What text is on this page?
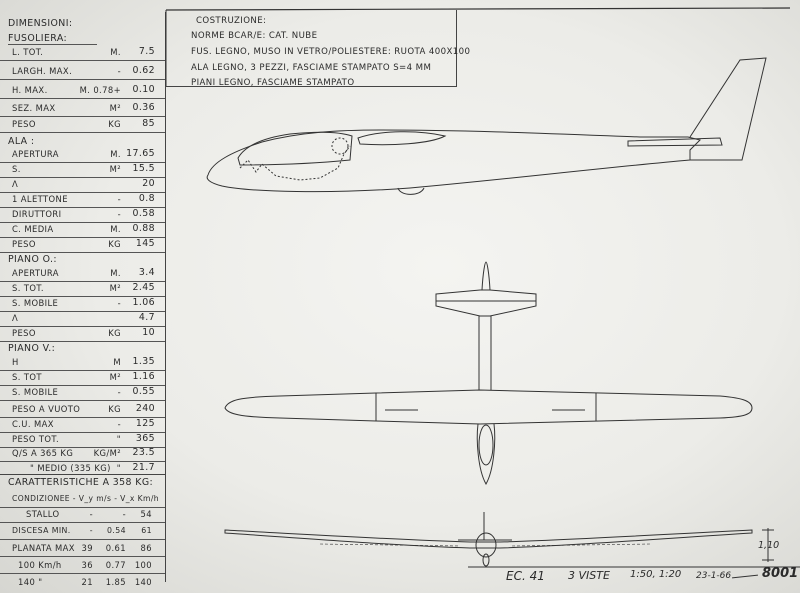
DIMENSIONI:
FUSOLIERA:
L. TOT.	M.	7.5
LARGH. MAX.	-	0.62
H. MAX.	M. 0.78+	0.10
SEZ. MAX	M²	0.36
PESO	KG	85
ALA :
APERTURA	M. 17.65
S.	M²	15.5
Λ	20
1 ALETTONE	-	0.8
DIRUTTORI	-	0.58
C. MEDIA	M.	0.88
PESO	KG	145
PIANO O.:
APERTURA	M.	3.4
S. TOT.	M²	2.45
S. MOBILE	-	1.06
Λ	4.7
PESO	KG	10
PIANO V.:
H	M	1.35
S. TOT	M²	1.16
S. MOBILE	-	0.55
PESO A VUOTO	KG	240
C.U. MAX	-	125
PESO TOT.	"	365
Q/S A 365 KG KG/M²	23.5
" MEDIO (335 KG) "	21.7
CARATTERISTICHE A 358 KG:
CONDIZIONE E - V_y m/s - V_x Km/h
STALLO	-	-	54
DISCESA MIN.	-	0.54	61
PLANATA MAX 39	0.61	86
100 Km/h	36	0.77	100
140 "	21	1.85	140
COSTRUZIONE:
NORME BCAR/E: CAT. NUBE
FUS. LEGNO, MUSO IN VETRO/POLIESTERE: RUOTA 400X100
ALA LEGNO, 3 PEZZI, FASCIAME STAMPATO S=4 MM
PIANI LEGNO, FASCIAME STAMPATO
1,10
EC. 41 3 VISTE 1:50, 1:20 23-1-66 8001
